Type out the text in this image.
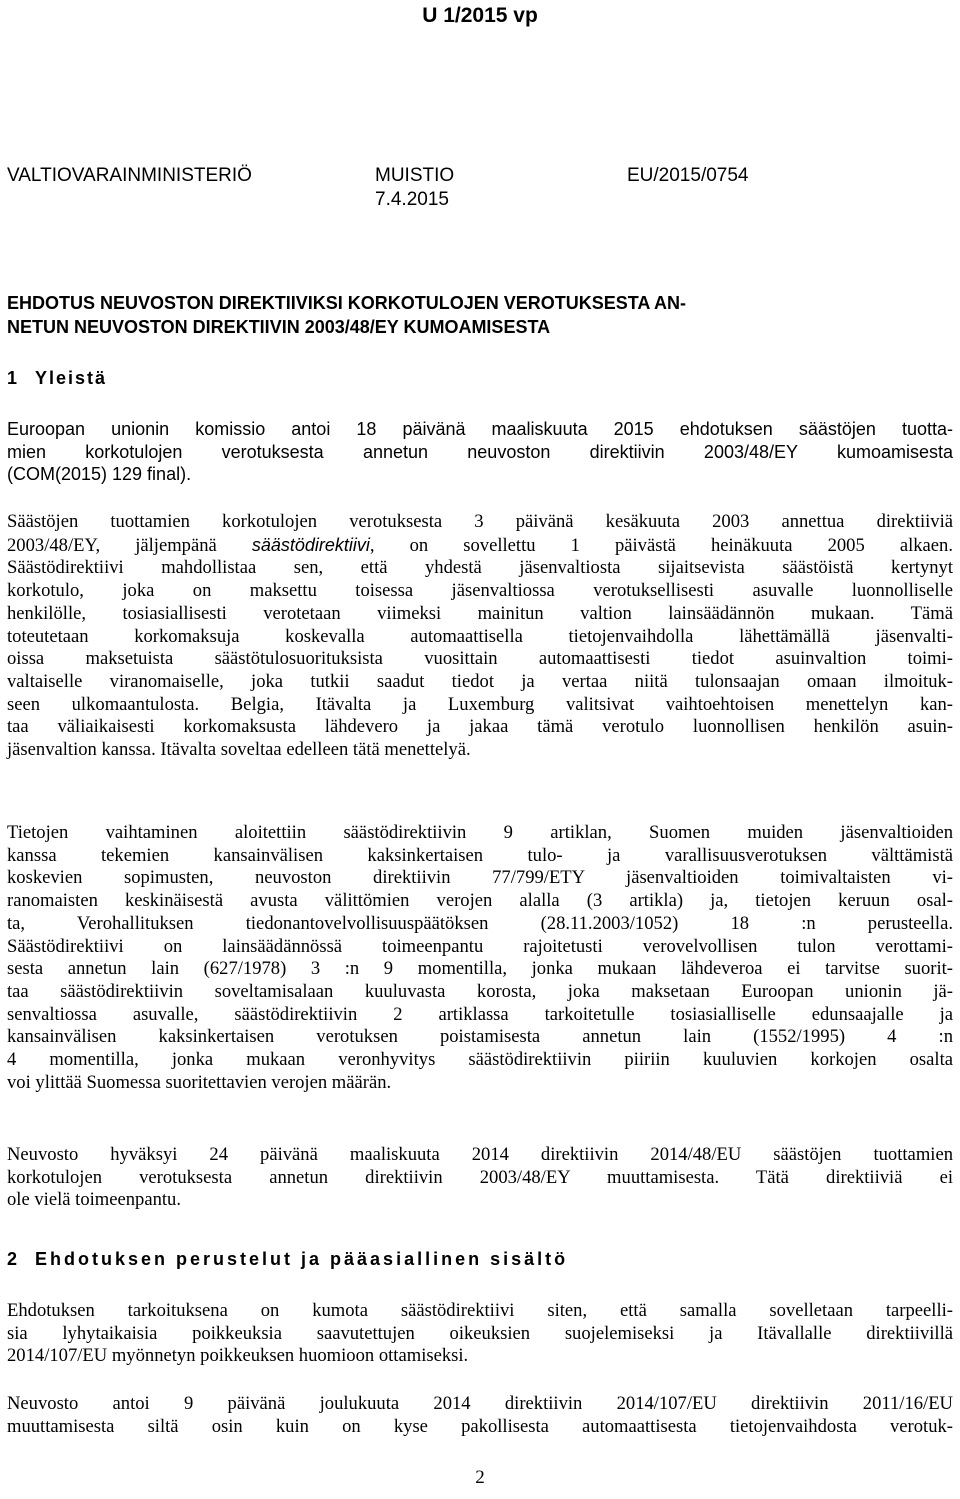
U 1/2015 vp
VALTIOVARAINMINISTERIÖ	MUISTIO
7.4.2015
EU/2015/0754
EHDOTUS NEUVOSTON DIREKTIIVIKSI KORKOTULOJEN VEROTUKSESTA AN-
NETUN NEUVOSTON DIREKTIIVIN 2003/48/EY KUMOAMISESTA
1 Yleistä
Euroopan unionin komissio antoi 18 päivänä maaliskuuta 2015 ehdotuksen säästöjen tuotta-
mien korkotulojen verotuksesta annetun neuvoston direktiivin 2003/48/EY kumoamisesta
(COM(2015) 129 final).
Säästöjen tuottamien korkotulojen verotuksesta 3 päivänä kesäkuuta 2003 annettua direktiiviä
2003/48/EY, jäljempänä säästödirektiivi, on sovellettu 1 päivästä heinäkuuta 2005 alkaen.
Säästödirektiivi mahdollistaa sen, että yhdestä jäsenvaltiosta sijaitsevista säästöistä kertynyt
korkotulo, joka on maksettu toisessa jäsenvaltiossa verotuksellisesti asuvalle luonnolliselle
henkilölle, tosiasiallisesti verotetaan viimeksi mainitun valtion lainsäädännön mukaan. Tämä
toteutetaan korkomaksuja koskevalla automaattisella tietojenvaihdolla lähettämällä jäsenvalti-
oissa maksetuista säästötulosuorituksista vuosittain automaattisesti tiedot asuinvaltion toimi-
valtaiselle viranomaiselle, joka tutkii saadut tiedot ja vertaa niitä tulonsaajan omaan ilmoituk-
seen ulkomaantulosta. Belgia, Itävalta ja Luxemburg valitsivat vaihtoehtoisen menettelyn kan-
taa väliaikaisesti korkomaksusta lähdevero ja jakaa tämä verotulo luonnollisen henkilön asuin-
jäsenvaltion kanssa. Itävalta soveltaa edelleen tätä menettelyä.
Tietojen vaihtaminen aloitettiin säästödirektiivin 9 artiklan, Suomen muiden jäsenvaltioiden
kanssa tekemien kansainvälisen kaksinkertaisen tulo- ja varallisuusverotuksen välttämistä
koskevien sopimusten, neuvoston direktiivin 77/799/ETY jäsenvaltioiden toimivaltaisten vi-
ranomaisten keskinäisestä avusta välittömien verojen alalla (3 artikla) ja, tietojen keruun osal-
ta, Verohallituksen tiedonantovelvollisuuspäätöksen (28.11.2003/1052) 18 :n perusteella.
Säästödirektiivi on lainsäädännössä toimeenpantu rajoitetusti verovelvollisen tulon verottami-
sesta annetun lain (627/1978) 3 :n 9 momentilla, jonka mukaan lähdeveroa ei tarvitse suorit-
taa säästödirektiivin soveltamisalaan kuuluvasta korosta, joka maksetaan Euroopan unionin jä-
senvaltiossa asuvalle, säästödirektiivin 2 artiklassa tarkoitetulle tosiasialliselle edunsaajalle ja
kansainvälisen kaksinkertaisen verotuksen poistamisesta annetun lain (1552/1995) 4 :n
4 momentilla, jonka mukaan veronhyvitys säästödirektiivin piiriin kuuluvien korkojen osalta
voi ylittää Suomessa suoritettavien verojen määrän.
Neuvosto hyväksyi 24 päivänä maaliskuuta 2014 direktiivin 2014/48/EU säästöjen tuottamien
korkotulojen verotuksesta annetun direktiivin 2003/48/EY muuttamisesta. Tätä direktiiviä ei
ole vielä toimeenpantu.
2 Ehdotuksen perustelut ja pääasiallinen sisältö
Ehdotuksen tarkoituksena on kumota säästödirektiivi siten, että samalla sovelletaan tarpeelli-
sia lyhytaikaisia poikkeuksia saavutettujen oikeuksien suojelemiseksi ja Itävallalle direktiivillä
2014/107/EU myönnetyn poikkeuksen huomioon ottamiseksi.
Neuvosto antoi 9 päivänä joulukuuta 2014 direktiivin 2014/107/EU direktiivin 2011/16/EU
muuttamisesta siltä osin kuin on kyse pakollisesta automaattisesta tietojenvaihdosta verotuk-
2
